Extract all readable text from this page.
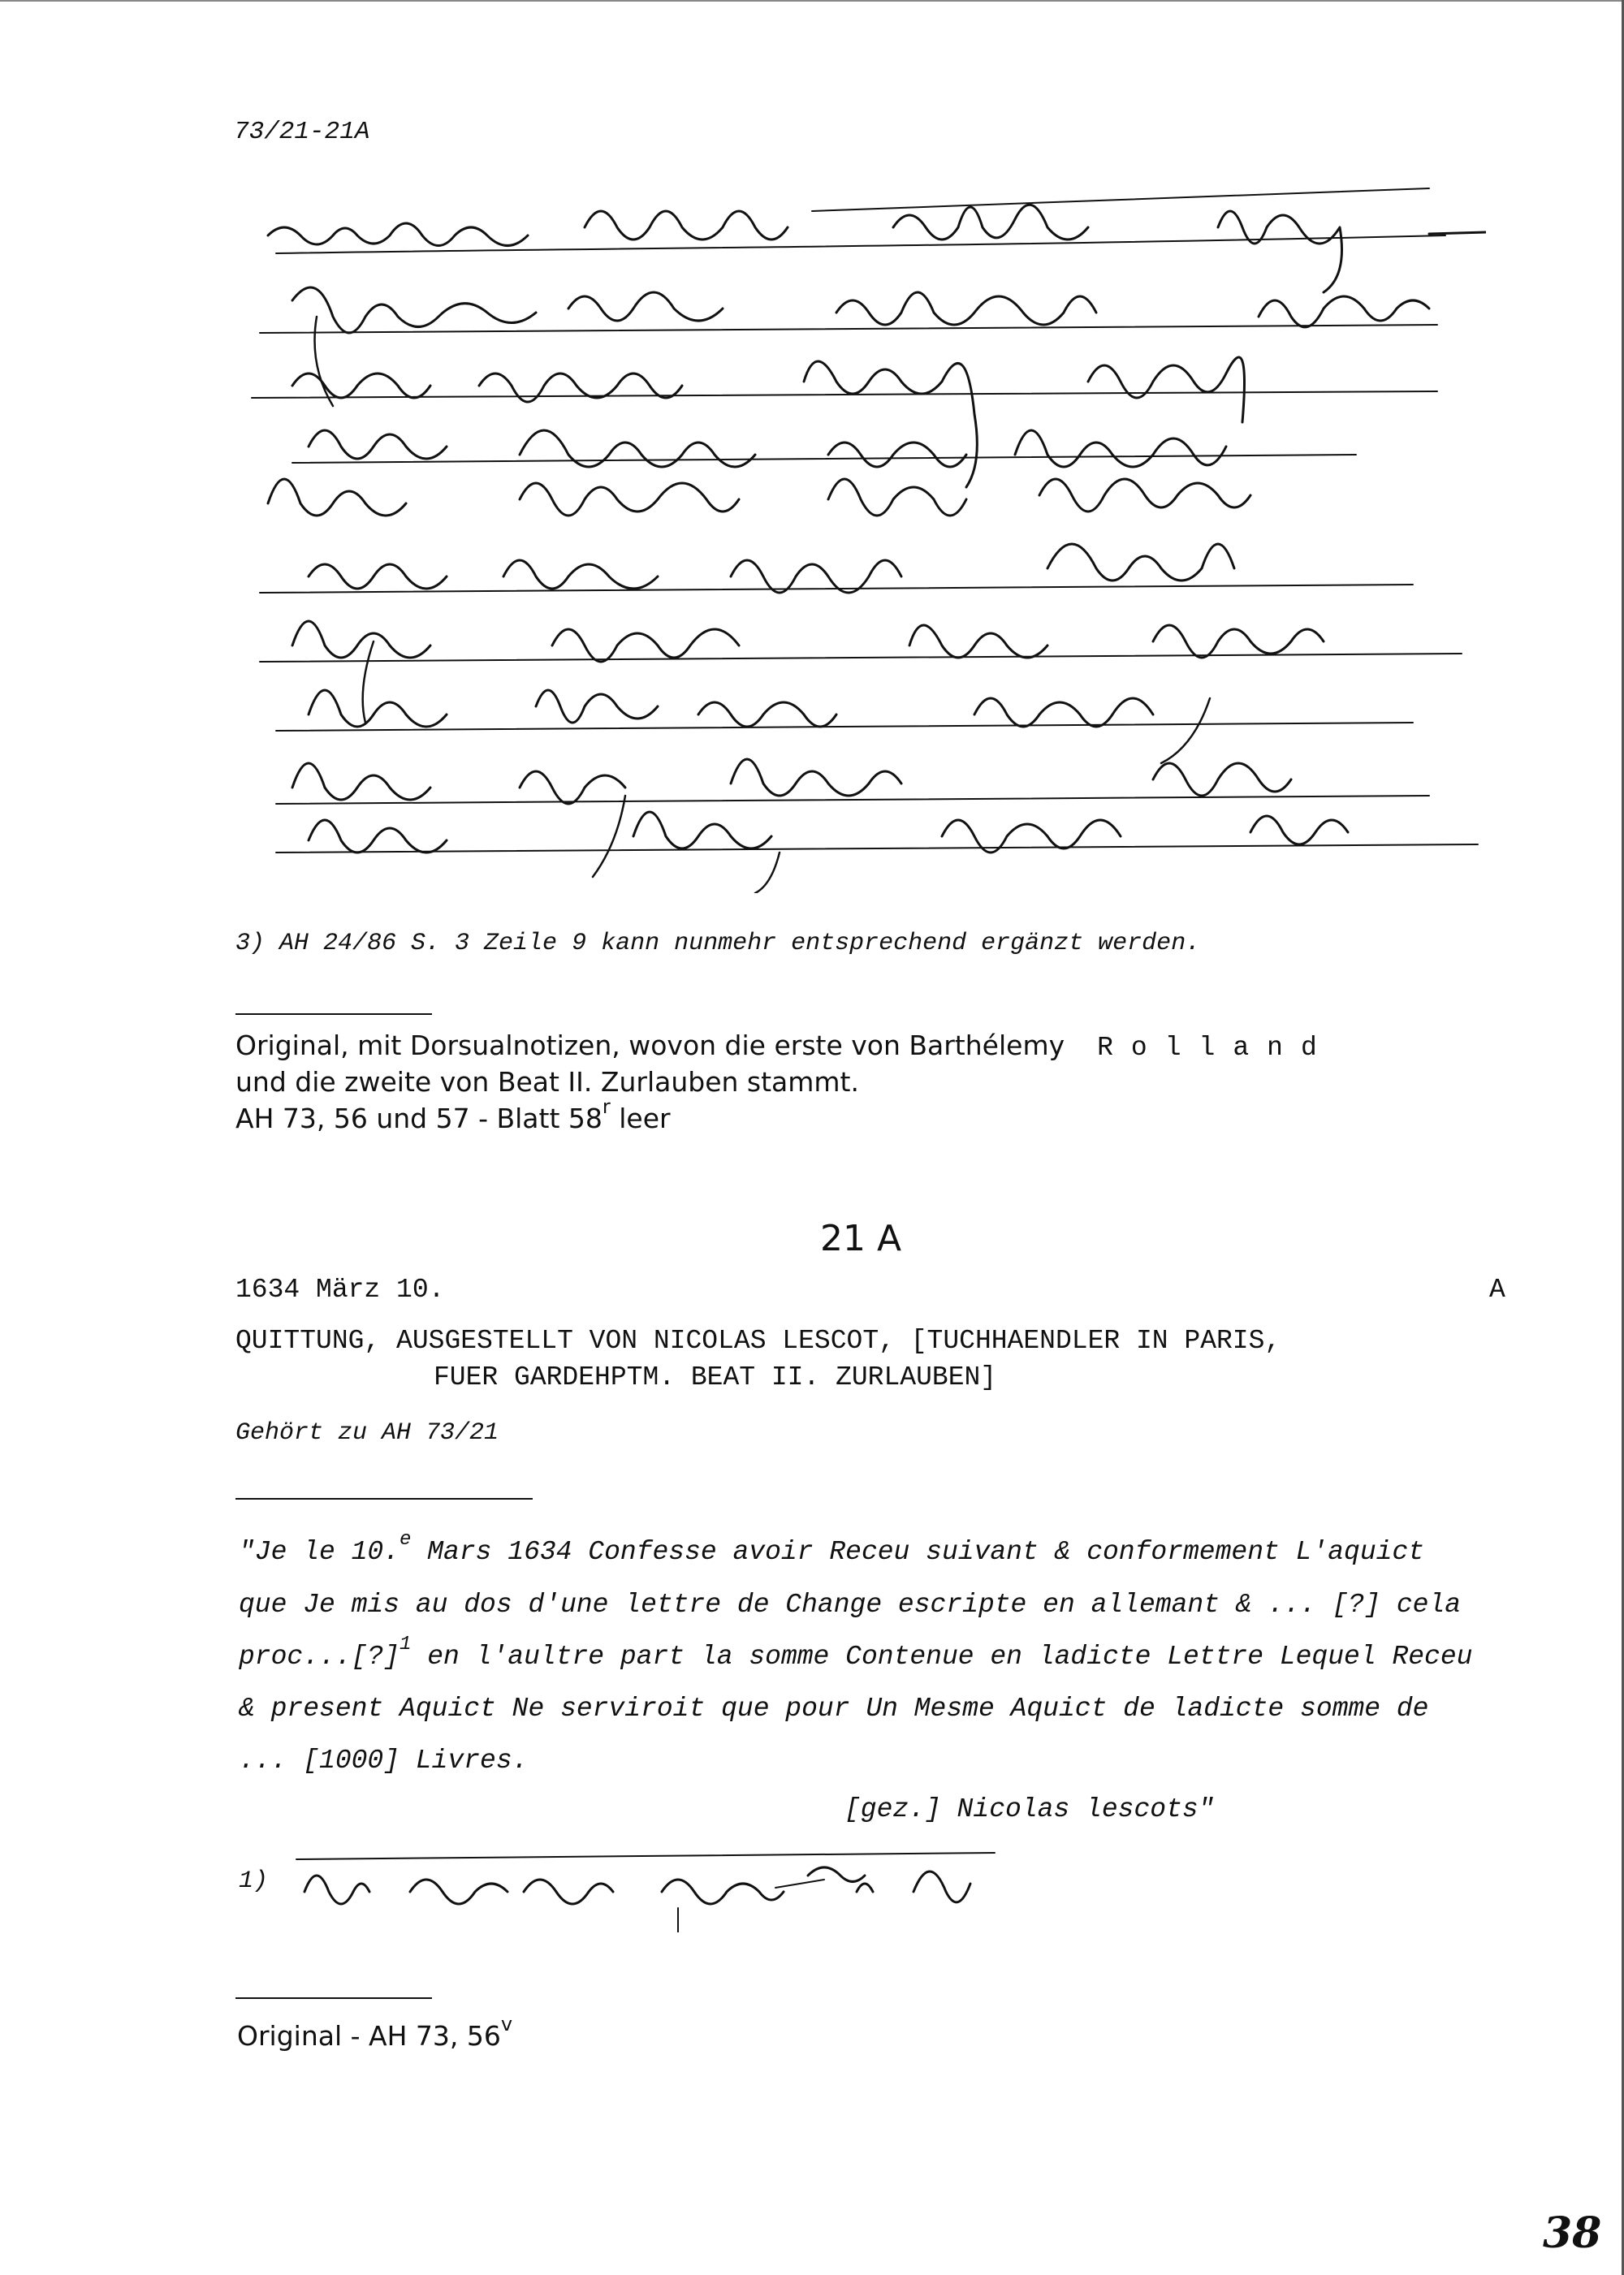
73/21-21A
3) AH 24/86 S. 3 Zeile 9 kann nunmehr entsprechend ergänzt werden.
Original, mit Dorsualnotizen, wovon die erste von Barthélemy Rolland
und die zweite von Beat II. Zurlauben stammt.
AH 73, 56 und 57 - Blatt 58$^r$ leer
21 A
1634 März 10.	A
QUITTUNG, AUSGESTELLT VON NICOLAS LESCOT, [TUCHHAENDLER IN PARIS,
FUER GARDEHPTM. BEAT II. ZURLAUBEN]
Gehört zu AH 73/21
"Je le 10.$^e$ Mars 1634 Confesse avoir Receu suivant & conformement L'aquict
que Je mis au dos d'une lettre de Change escripte en allemant & ... [?] cela
proc...[?]$^1$ en l'aultre part la somme Contenue en ladicte Lettre Lequel Receu
& present Aquict Ne serviroit que pour Un Mesme Aquict de ladicte somme de
... [1000] Livres.
[gez.] Nicolas lescots"
1)
Original - AH 73, 56$^v$
38
